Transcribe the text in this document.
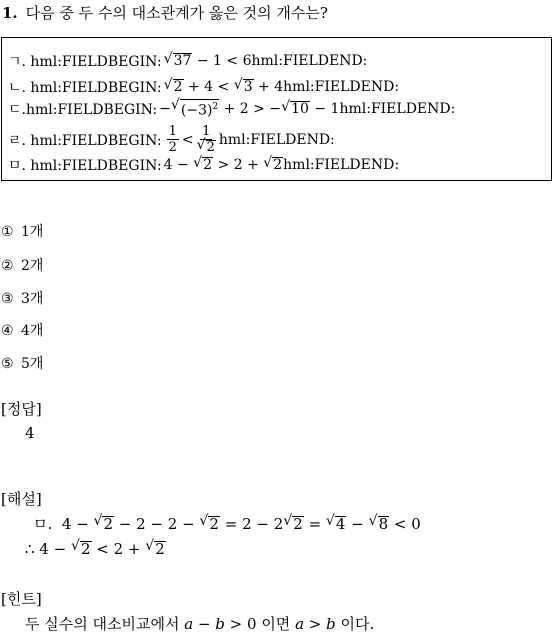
1. 다음 중 두 수의 대소관계가 옳은 것의 개수는?
ㄱ. hml:FIELDBEGIN: √ 37 − 1 < 6 hml:FIELDEND:
ㄴ. hml:FIELDBEGIN: √ 2 + 4 < √ 3 + 4 hml:FIELDEND:
ㄷ.hml:FIELDBEGIN: − √ $(-3)^2 + 2$ > − √ 10 − 1 hml:FIELDEND:
ㄹ. hml:FIELDBEGIN: $\frac{1}{2} < 1$
√ 2 hml:FIELDEND:
ㅁ. hml:FIELDBEGIN: 4 − √ 2 > 2 + √ 2 hml:FIELDEND:
① 1개
② 2개
③ 3개
④ 4개
⑤ 5개
[정답]
4
[해설]
ㅁ.  4 − √ 2 − 2 − 2 − √ 2 = 2 − 2 √ 2 = √ 4 − √ 8 < 0
∴ 4 − √ 2 < 2 + √ 2
[힌트]
두 실수의 대소비교에서 a − b > 0 이면 a > b 이다.
